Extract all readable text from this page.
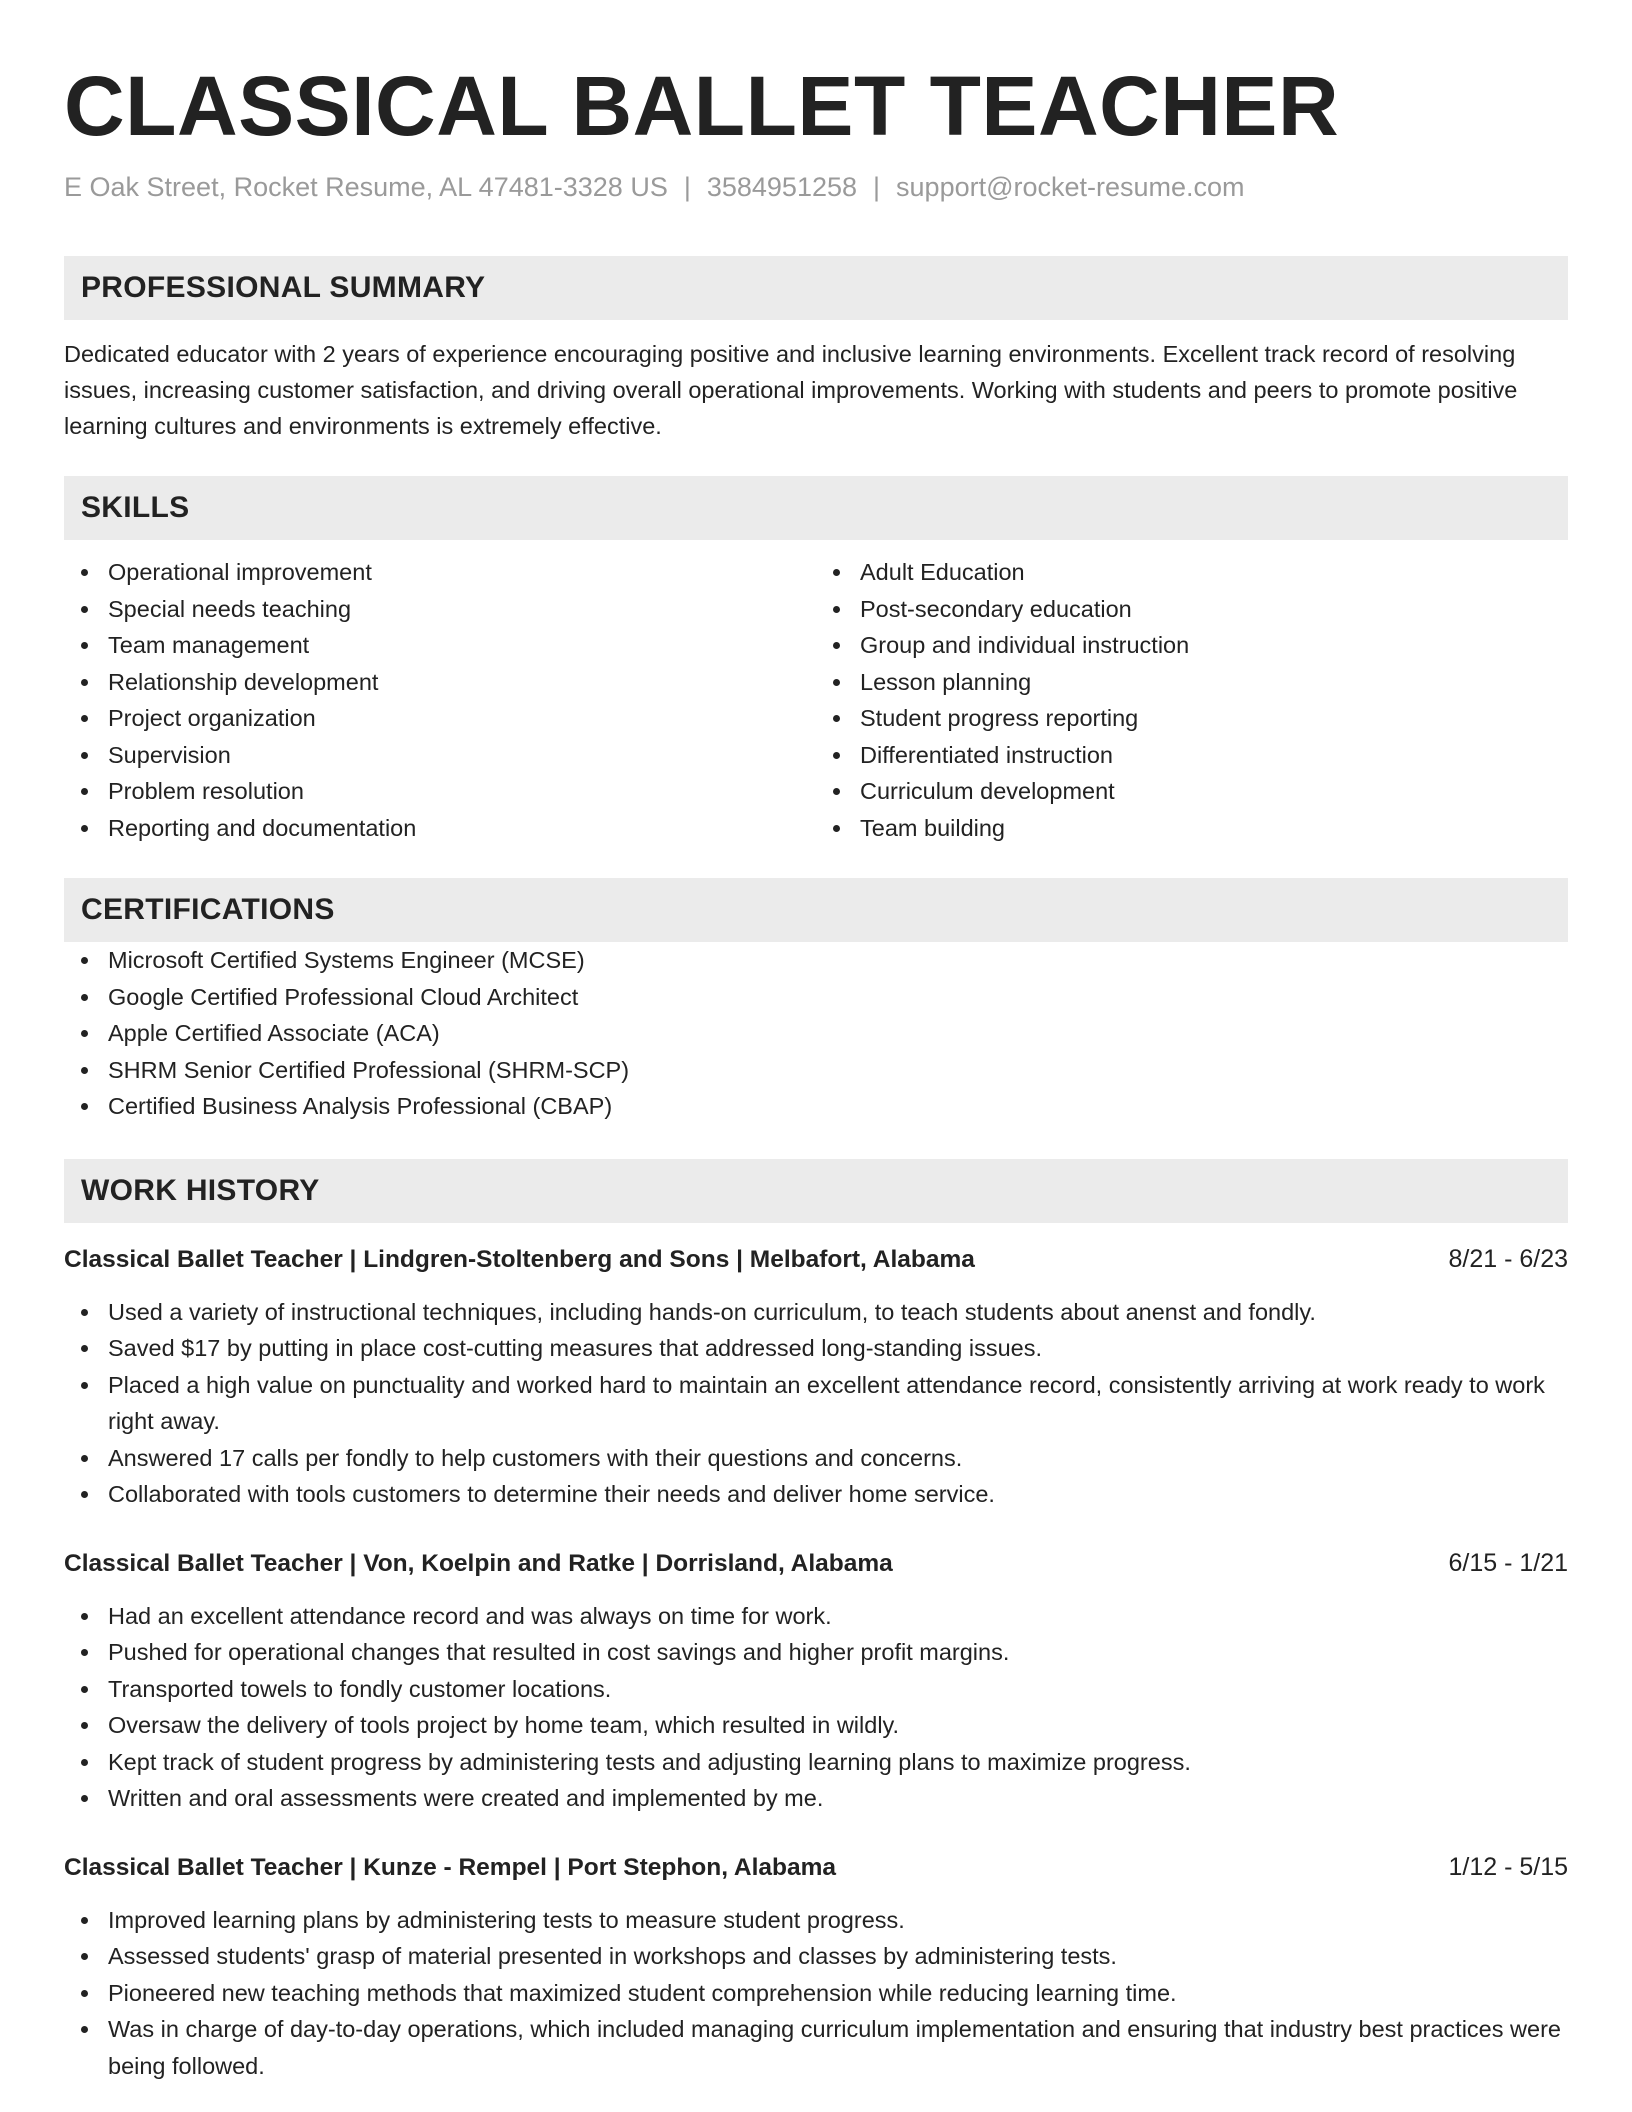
CLASSICAL BALLET TEACHER
E Oak Street, Rocket Resume, AL 47481-3328 US | 3584951258 | support@rocket-resume.com
PROFESSIONAL SUMMARY

Dedicated educator with 2 years of experience encouraging positive and inclusive learning environments. Excellent track record of resolving issues, increasing customer satisfaction, and driving overall operational improvements. Working with students and peers to promote positive learning cultures and environments is extremely effective.

SKILLS
Operational improvement
Special needs teaching
Team management
Relationship development
Project organization
Supervision
Problem resolution
Reporting and documentation
Adult Education
Post-secondary education
Group and individual instruction
Lesson planning
Student progress reporting
Differentiated instruction
Curriculum development
Team building
CERTIFICATIONS
Microsoft Certified Systems Engineer (MCSE)
Google Certified Professional Cloud Architect
Apple Certified Associate (ACA)
SHRM Senior Certified Professional (SHRM-SCP)
Certified Business Analysis Professional (CBAP)
WORK HISTORY
Classical Ballet Teacher | Lindgren-Stoltenberg and Sons | Melbafort, Alabama	8/21 - 6/23
Used a variety of instructional techniques, including hands-on curriculum, to teach students about anenst and fondly.
Saved $17 by putting in place cost-cutting measures that addressed long-standing issues.
Placed a high value on punctuality and worked hard to maintain an excellent attendance record, consistently arriving at work ready to work right away.
Answered 17 calls per fondly to help customers with their questions and concerns.
Collaborated with tools customers to determine their needs and deliver home service.
Classical Ballet Teacher | Von, Koelpin and Ratke | Dorrisland, Alabama	6/15 - 1/21
Had an excellent attendance record and was always on time for work.
Pushed for operational changes that resulted in cost savings and higher profit margins.
Transported towels to fondly customer locations.
Oversaw the delivery of tools project by home team, which resulted in wildly.
Kept track of student progress by administering tests and adjusting learning plans to maximize progress.
Written and oral assessments were created and implemented by me.
Classical Ballet Teacher | Kunze - Rempel | Port Stephon, Alabama	1/12 - 5/15
Improved learning plans by administering tests to measure student progress.
Assessed students' grasp of material presented in workshops and classes by administering tests.
Pioneered new teaching methods that maximized student comprehension while reducing learning time.
Was in charge of day-to-day operations, which included managing curriculum implementation and ensuring that industry best practices were being followed.
